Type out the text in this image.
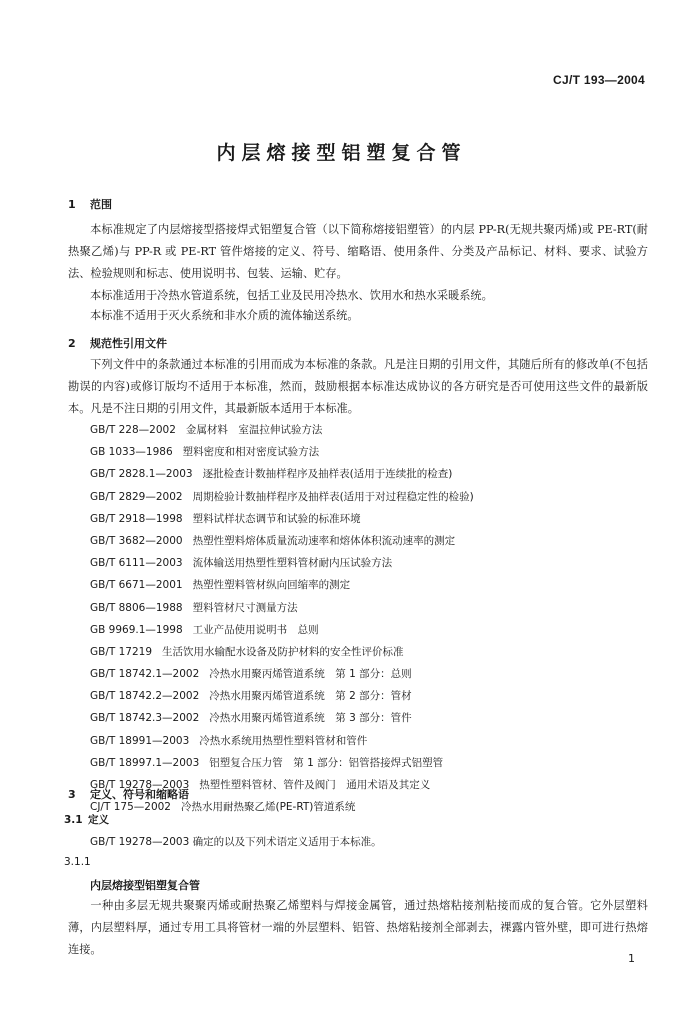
CJ/T 193—2004
内层熔接型铝塑复合管
1 范围
本标准规定了内层熔接型搭接焊式铝塑复合管（以下简称熔接铝塑管）的内层 PP-R(无规共聚丙烯)或 PE-RT(耐热聚乙烯)与 PP-R 或 PE-RT 管件熔接的定义、符号、缩略语、使用条件、分类及产品标记、材料、要求、试验方法、检验规则和标志、使用说明书、包装、运输、贮存。
本标准适用于冷热水管道系统，包括工业及民用冷热水、饮用水和热水采暖系统。
本标准不适用于灭火系统和非水介质的流体输送系统。
2 规范性引用文件
下列文件中的条款通过本标准的引用而成为本标准的条款。凡是注日期的引用文件，其随后所有的修改单(不包括勘误的内容)或修订版均不适用于本标准，然而，鼓励根据本标准达成协议的各方研究是否可使用这些文件的最新版本。凡是不注日期的引用文件，其最新版本适用于本标准。
GB/T 228—2002 金属材料　室温拉伸试验方法
GB 1033—1986 塑料密度和相对密度试验方法
GB/T 2828.1—2003 逐批检查计数抽样程序及抽样表(适用于连续批的检查)
GB/T 2829—2002 周期检验计数抽样程序及抽样表(适用于对过程稳定性的检验)
GB/T 2918—1998 塑料试样状态调节和试验的标准环境
GB/T 3682—2000 热塑性塑料熔体质量流动速率和熔体体积流动速率的测定
GB/T 6111—2003 流体输送用热塑性塑料管材耐内压试验方法
GB/T 6671—2001 热塑性塑料管材纵向回缩率的测定
GB/T 8806—1988 塑料管材尺寸测量方法
GB 9969.1—1998 工业产品使用说明书　总则
GB/T 17219 生活饮用水输配水设备及防护材料的安全性评价标准
GB/T 18742.1—2002 冷热水用聚丙烯管道系统　第 1 部分：总则
GB/T 18742.2—2002 冷热水用聚丙烯管道系统　第 2 部分：管材
GB/T 18742.3—2002 冷热水用聚丙烯管道系统　第 3 部分：管件
GB/T 18991—2003 冷热水系统用热塑性塑料管材和管件
GB/T 18997.1—2003 铝塑复合压力管　第 1 部分：铝管搭接焊式铝塑管
GB/T 19278—2003 热塑性塑料管材、管件及阀门　通用术语及其定义
CJ/T 175—2002 冷热水用耐热聚乙烯(PE-RT)管道系统
3 定义、符号和缩略语
3.1 定义
GB/T 19278—2003 确定的以及下列术语定义适用于本标准。
3.1.1
内层熔接型铝塑复合管
一种由多层无规共聚聚丙烯或耐热聚乙烯塑料与焊接金属管，通过热熔粘接剂粘接而成的复合管。它外层塑料薄，内层塑料厚，通过专用工具将管材一端的外层塑料、铝管、热熔粘接剂全部剥去，裸露内管外壁，即可进行热熔连接。
1
